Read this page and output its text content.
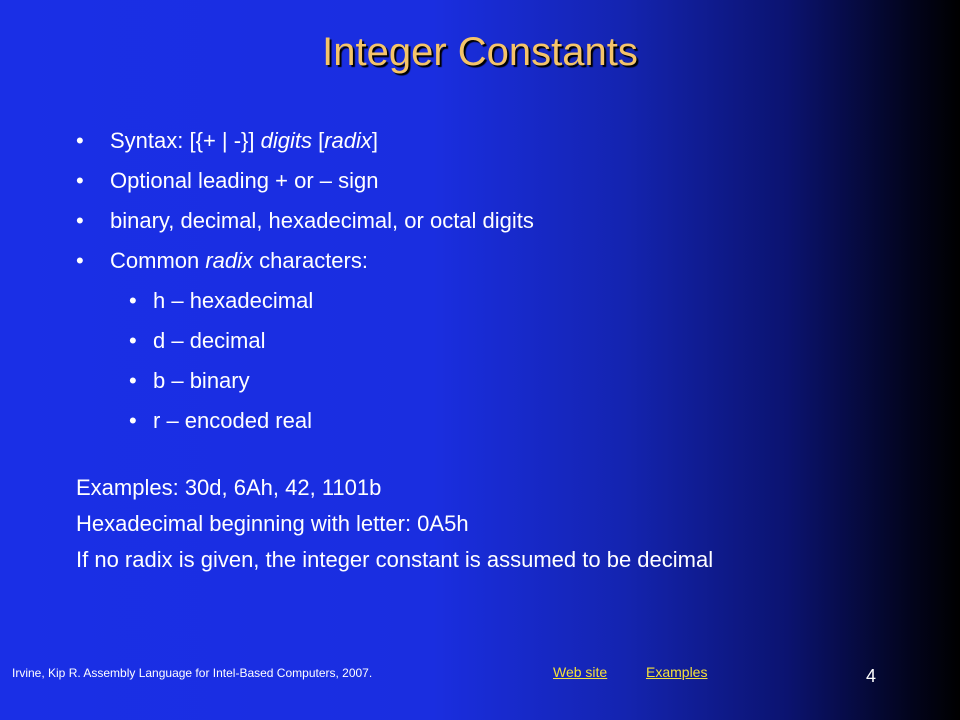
Integer Constants
• Syntax: [{+ | -}] digits [radix]
• Optional leading + or – sign
• binary, decimal, hexadecimal, or octal digits
• Common radix characters:
• h – hexadecimal
• d – decimal
• b – binary
• r – encoded real

Examples: 30d, 6Ah, 42, 1101b

Hexadecimal beginning with letter: 0A5h

If no radix is given, the integer constant is assumed to be decimal

Irvine, Kip R. Assembly Language for Intel-Based Computers, 2007.	Web site	Examples	4
